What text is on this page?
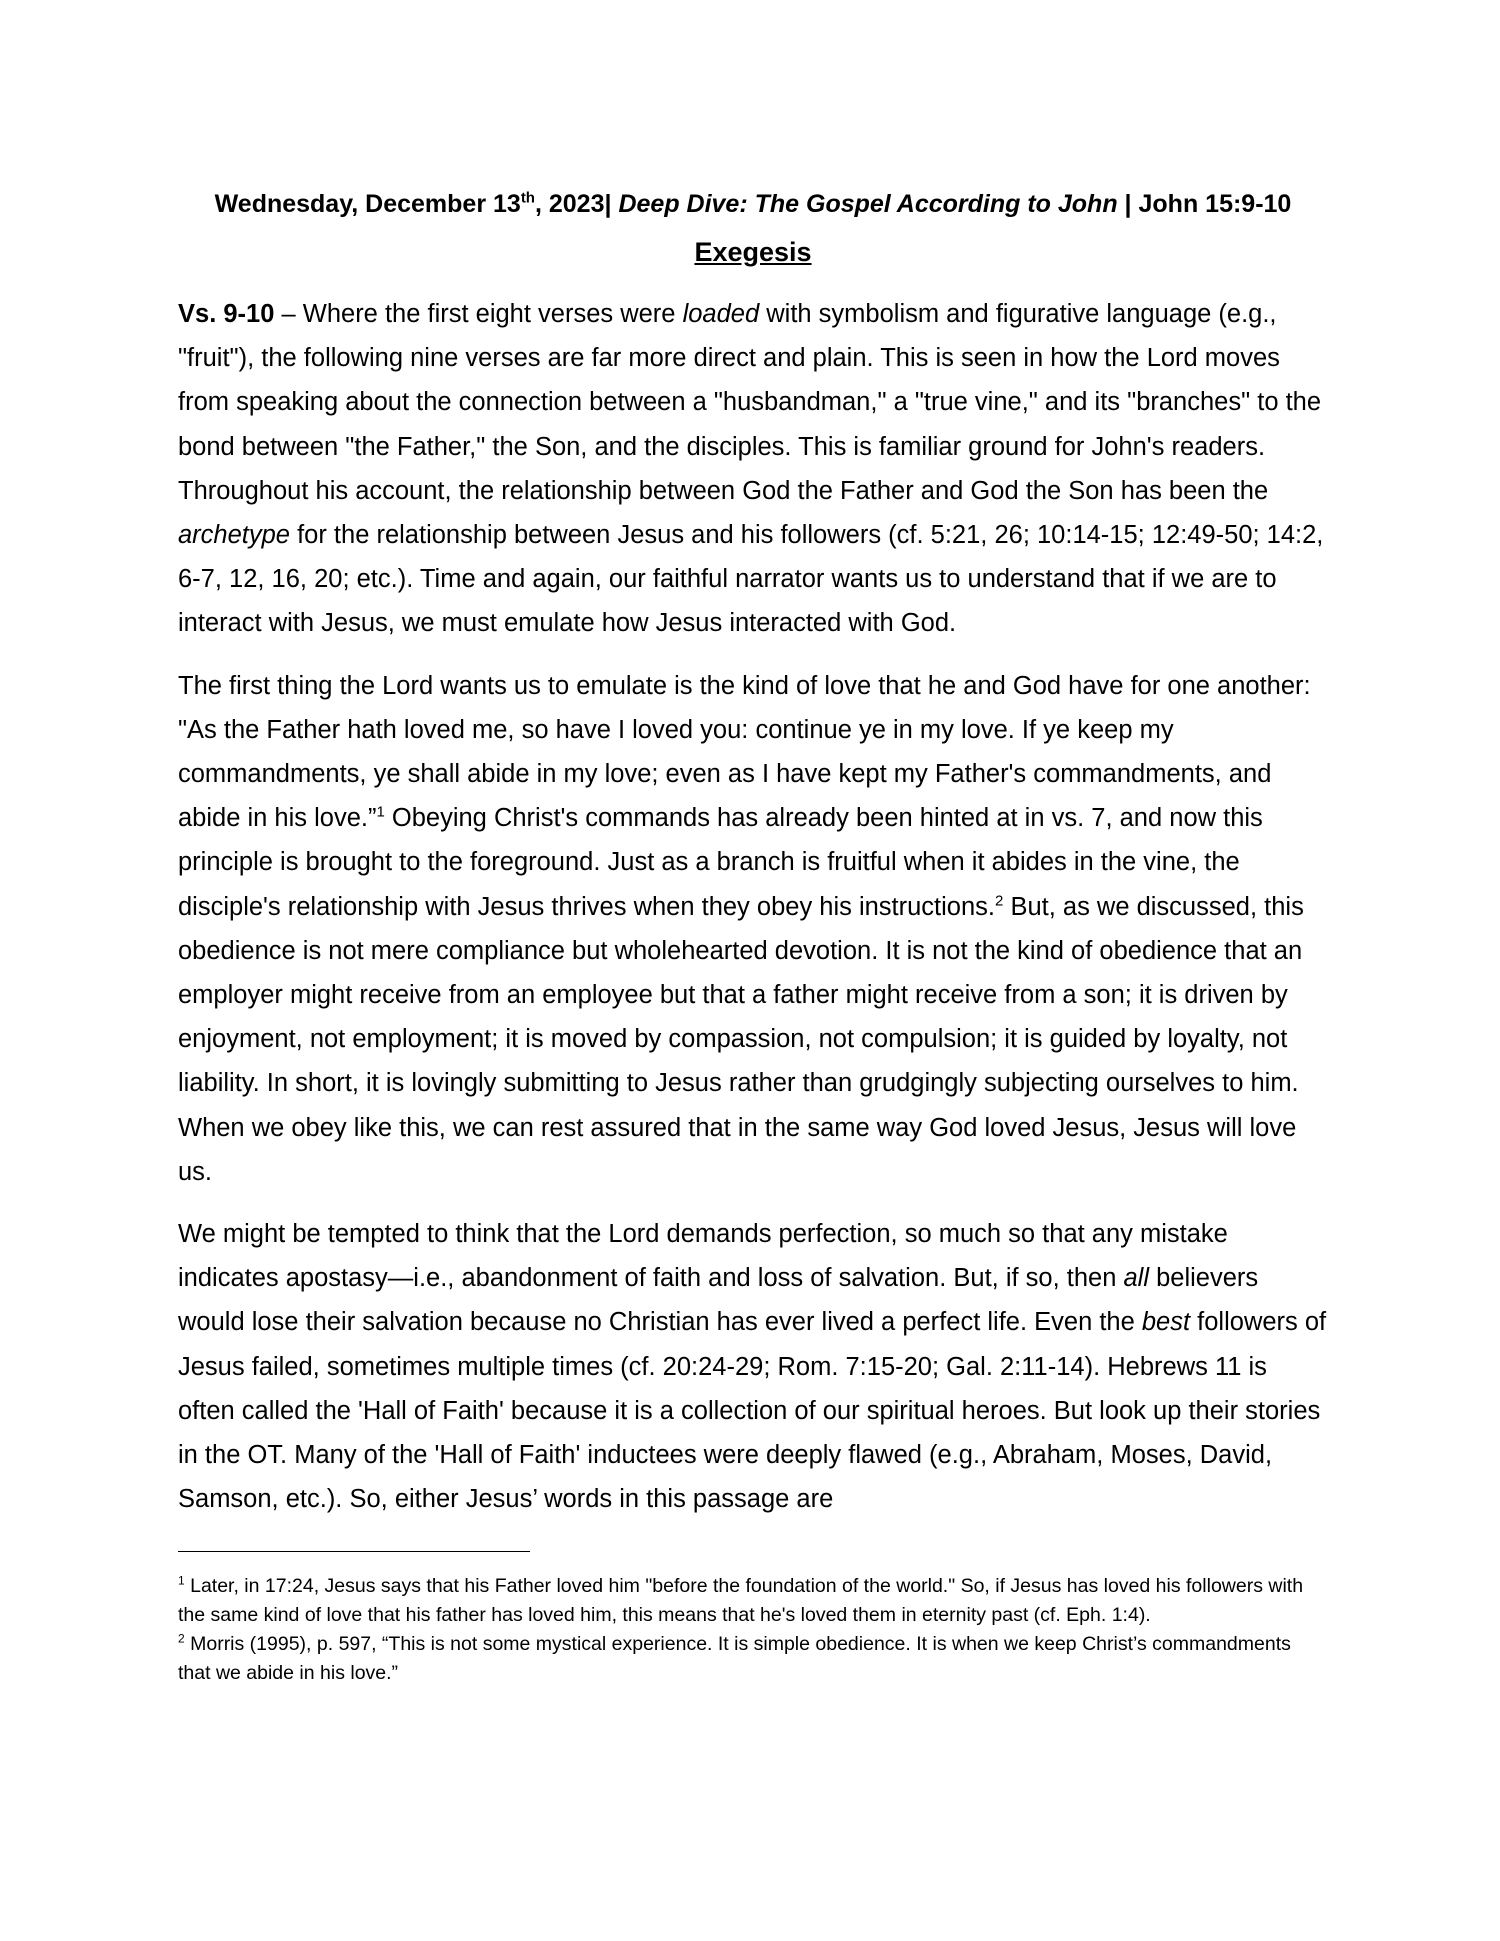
Wednesday, December 13th, 2023| Deep Dive: The Gospel According to John | John 15:9-10
Exegesis

Vs. 9-10 – Where the first eight verses were loaded with symbolism and figurative language (e.g., "fruit"), the following nine verses are far more direct and plain. This is seen in how the Lord moves from speaking about the connection between a "husbandman," a "true vine," and its "branches" to the bond between "the Father," the Son, and the disciples. This is familiar ground for John's readers. Throughout his account, the relationship between God the Father and God the Son has been the archetype for the relationship between Jesus and his followers (cf. 5:21, 26; 10:14-15; 12:49-50; 14:2, 6-7, 12, 16, 20; etc.). Time and again, our faithful narrator wants us to understand that if we are to interact with Jesus, we must emulate how Jesus interacted with God.

The first thing the Lord wants us to emulate is the kind of love that he and God have for one another: "As the Father hath loved me, so have I loved you: continue ye in my love. If ye keep my commandments, ye shall abide in my love; even as I have kept my Father's commandments, and abide in his love.”$^1$ Obeying Christ's commands has already been hinted at in vs. 7, and now this principle is brought to the foreground. Just as a branch is fruitful when it abides in the vine, the disciple's relationship with Jesus thrives when they obey his instructions.$^2$ But, as we discussed, this obedience is not mere compliance but wholehearted devotion. It is not the kind of obedience that an employer might receive from an employee but that a father might receive from a son; it is driven by enjoyment, not employment; it is moved by compassion, not compulsion; it is guided by loyalty, not liability. In short, it is lovingly submitting to Jesus rather than grudgingly subjecting ourselves to him. When we obey like this, we can rest assured that in the same way God loved Jesus, Jesus will love us.

We might be tempted to think that the Lord demands perfection, so much so that any mistake indicates apostasy—i.e., abandonment of faith and loss of salvation. But, if so, then all believers would lose their salvation because no Christian has ever lived a perfect life. Even the best followers of Jesus failed, sometimes multiple times (cf. 20:24-29; Rom. 7:15-20; Gal. 2:11-14). Hebrews 11 is often called the 'Hall of Faith' because it is a collection of our spiritual heroes. But look up their stories in the OT. Many of the 'Hall of Faith' inductees were deeply flawed (e.g., Abraham, Moses, David, Samson, etc.). So, either Jesus’ words in this passage are

$^1$ Later, in 17:24, Jesus says that his Father loved him "before the foundation of the world." So, if Jesus has loved his followers with the same kind of love that his father has loved him, this means that he's loved them in eternity past (cf. Eph. 1:4).
$^2$ Morris (1995), p. 597, “This is not some mystical experience. It is simple obedience. It is when we keep Christ’s commandments that we abide in his love.”
